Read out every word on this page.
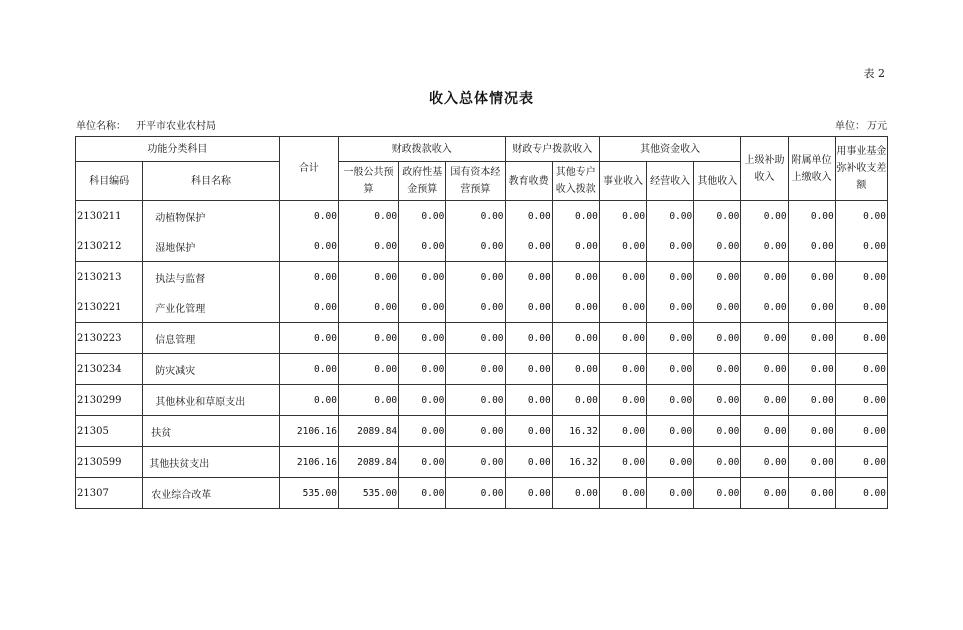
表 2
收入总体情况表
单位名称： 开平市农业农村局	单位： 万元
功能分类科目		合计	财政拨款收入			财政专户拨款收入		其他资金收入			上级补助收入	附属单位上缴收入	用事业基金弥补收支差额
科目编码	科目名称		一般公共预算	政府性基金预算	国有资本经营预算	教育收费	其他专户收入拨款	事业收入	经营收入	其他收入			
2130211	动植物保护	0.00	0.00	0.00	0.00	0.00	0.00	0.00	0.00	0.00	0.00	0.00	0.00
2130212	湿地保护	0.00	0.00	0.00	0.00	0.00	0.00	0.00	0.00	0.00	0.00	0.00	0.00
2130213	执法与监督	0.00	0.00	0.00	0.00	0.00	0.00	0.00	0.00	0.00	0.00	0.00	0.00
2130221	产业化管理	0.00	0.00	0.00	0.00	0.00	0.00	0.00	0.00	0.00	0.00	0.00	0.00
2130223	信息管理	0.00	0.00	0.00	0.00	0.00	0.00	0.00	0.00	0.00	0.00	0.00	0.00
2130234	防灾减灾	0.00	0.00	0.00	0.00	0.00	0.00	0.00	0.00	0.00	0.00	0.00	0.00
2130299	其他林业和草原支出	0.00	0.00	0.00	0.00	0.00	0.00	0.00	0.00	0.00	0.00	0.00	0.00
21305	扶贫	2106.16	2089.84	0.00	0.00	0.00	16.32	0.00	0.00	0.00	0.00	0.00	0.00
2130599	其他扶贫支出	2106.16	2089.84	0.00	0.00	0.00	16.32	0.00	0.00	0.00	0.00	0.00	0.00
21307	农业综合改革	535.00	535.00	0.00	0.00	0.00	0.00	0.00	0.00	0.00	0.00	0.00	0.00
